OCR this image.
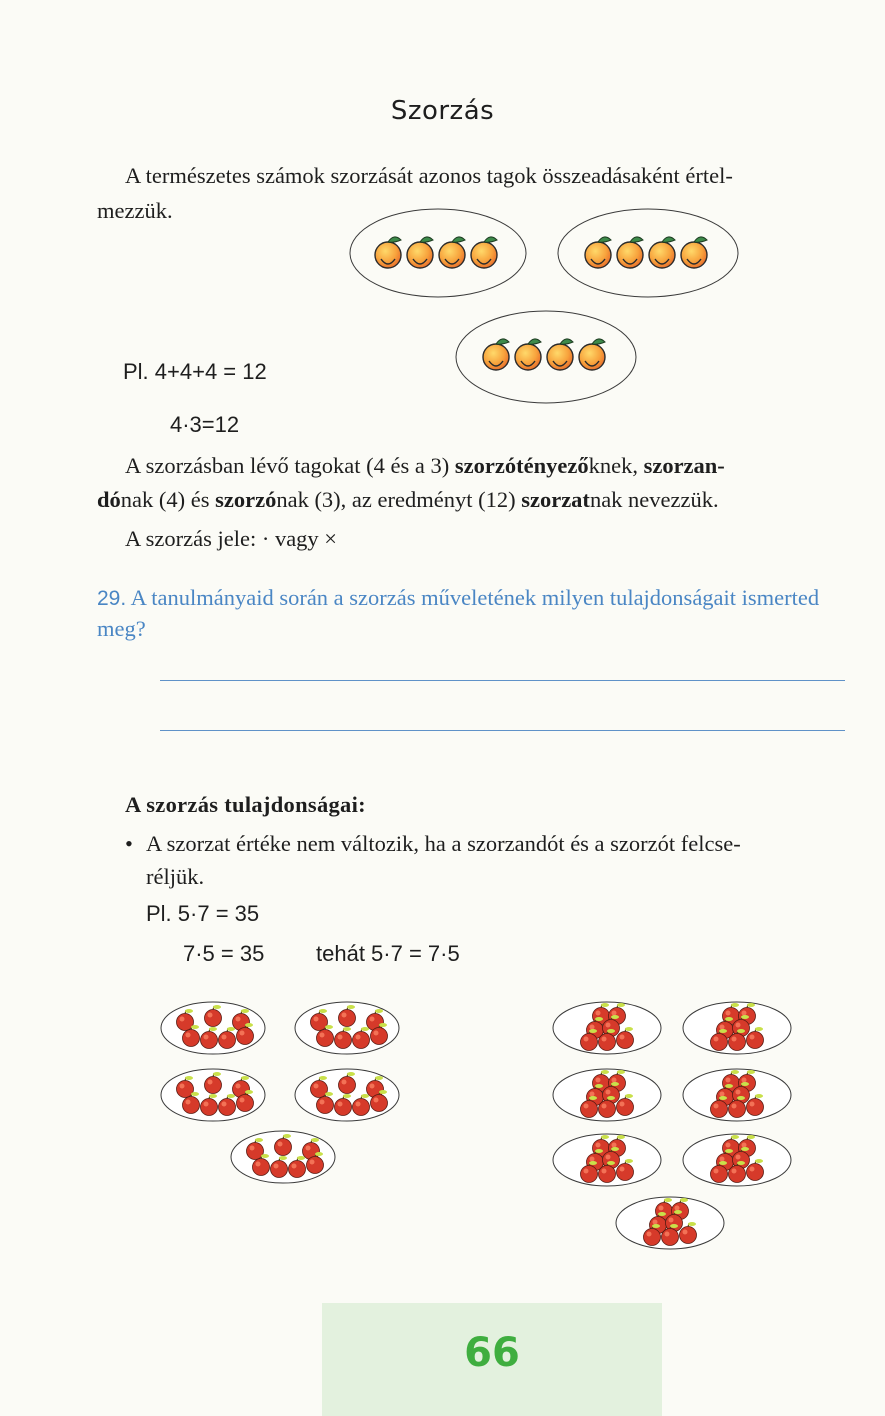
Szorzás
A természetes számok szorzását azonos tagok összeadásaként értel-
mezzük.
Pl. 4+4+4 = 12
4·3=12
A szorzásban lévő tagokat (4 és a 3) szorzótényezőknek, szorzan-
dónak (4) és szorzónak (3), az eredményt (12) szorzatnak nevezzük.
A szorzás jele: · vagy ×
29. A tanulmányaid során a szorzás műveletének milyen tulajdonságait ismerted
meg?
A szorzás tulajdonságai:
• A szorzat értéke nem változik, ha a szorzandót és a szorzót felcse-
réljük.
Pl. 5·7 = 35
7·5 = 35 tehát 5·7 = 7·5
66
